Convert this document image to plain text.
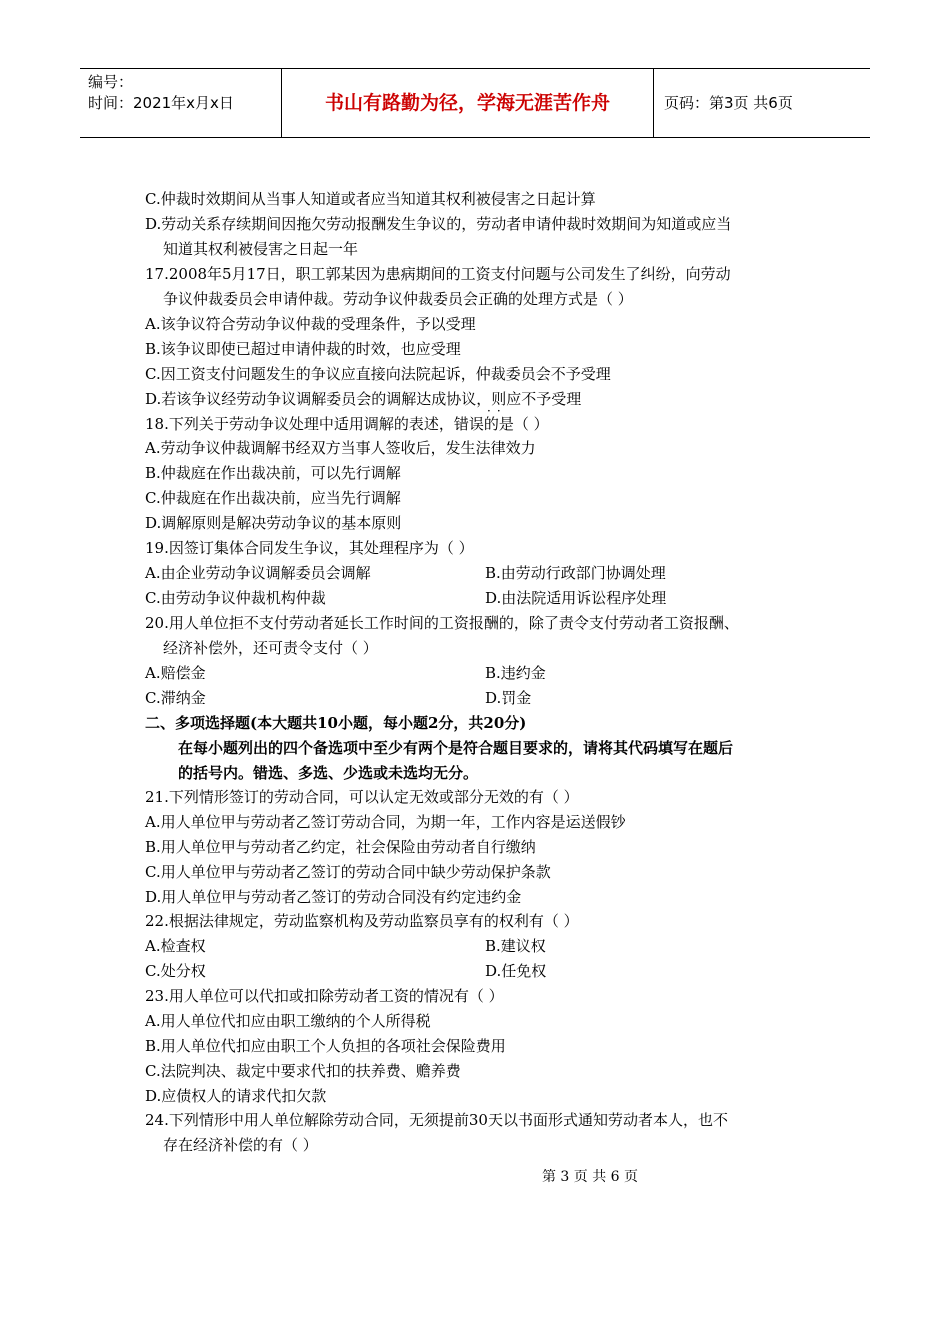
编号：
时间：2021年x月x日	书山有路勤为径，学海无涯苦作舟	页码：第3页 共6页
C.仲裁时效期间从当事人知道或者应当知道其权利被侵害之日起计算
D.劳动关系存续期间因拖欠劳动报酬发生争议的，劳动者申请仲裁时效期间为知道或应当
知道其权利被侵害之日起一年
17.2008年5月17日，职工郭某因为患病期间的工资支付问题与公司发生了纠纷，向劳动
争议仲裁委员会申请仲裁。劳动争议仲裁委员会正确的处理方式是（ ）
A.该争议符合劳动争议仲裁的受理条件，予以受理
B.该争议即使已超过申请仲裁的时效，也应受理
C.因工资支付问题发生的争议应直接向法院起诉，仲裁委员会不予受理
D.若该争议经劳动争议调解委员会的调解达成协议，则应不予受理
··
18.下列关于劳动争议处理中适用调解的表述，错误的是（ ）
A.劳动争议仲裁调解书经双方当事人签收后，发生法律效力
B.仲裁庭在作出裁决前，可以先行调解
C.仲裁庭在作出裁决前，应当先行调解
D.调解原则是解决劳动争议的基本原则
19.因签订集体合同发生争议，其处理程序为（ ）
A.由企业劳动争议调解委员会调解	B.由劳动行政部门协调处理
C.由劳动争议仲裁机构仲裁	D.由法院适用诉讼程序处理
20.用人单位拒不支付劳动者延长工作时间的工资报酬的，除了责令支付劳动者工资报酬、
经济补偿外，还可责令支付（ ）
A.赔偿金	B.违约金
C.滞纳金	D.罚金
二、多项选择题(本大题共10小题，每小题2分，共20分)
在每小题列出的四个备选项中至少有两个是符合题目要求的，请将其代码填写在题后
的括号内。错选、多选、少选或未选均无分。
21.下列情形签订的劳动合同，可以认定无效或部分无效的有（ ）
A.用人单位甲与劳动者乙签订劳动合同，为期一年，工作内容是运送假钞
B.用人单位甲与劳动者乙约定，社会保险由劳动者自行缴纳
C.用人单位甲与劳动者乙签订的劳动合同中缺少劳动保护条款
D.用人单位甲与劳动者乙签订的劳动合同没有约定违约金
22.根据法律规定，劳动监察机构及劳动监察员享有的权利有（ ）
A.检查权	B.建议权
C.处分权	D.任免权
23.用人单位可以代扣或扣除劳动者工资的情况有（ ）
A.用人单位代扣应由职工缴纳的个人所得税
B.用人单位代扣应由职工个人负担的各项社会保险费用
C.法院判决、裁定中要求代扣的扶养费、赡养费
D.应债权人的请求代扣欠款
24.下列情形中用人单位解除劳动合同，无须提前30天以书面形式通知劳动者本人，也不
存在经济补偿的有（ ）
第 3 页 共 6 页
